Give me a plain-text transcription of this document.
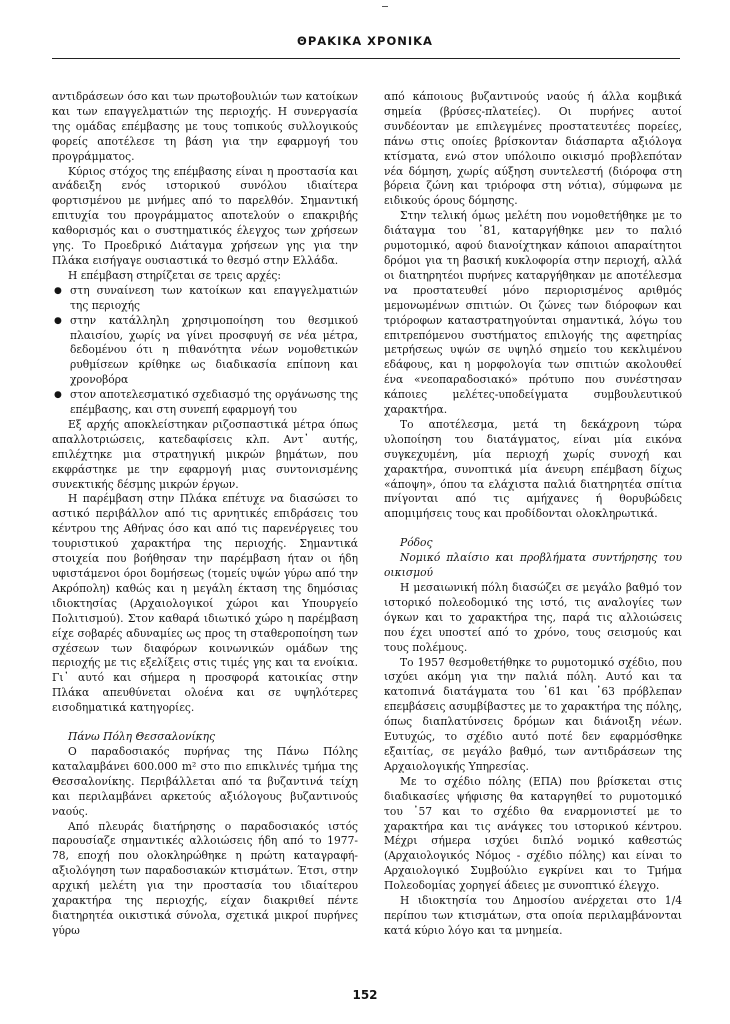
ΘΡΑΚΙΚΑ ΧΡΟΝΙΚΑ

αντιδράσεων όσο και των πρωτοβουλιών των κατοίκων και των επαγγελματιών της περιοχής. Η συνεργασία της ομάδας επέμβασης με τους τοπικούς συλλογικούς φορείς αποτέλεσε τη βάση για την εφαρμογή του προγράμματος.

Κύριος στόχος της επέμβασης είναι η προστασία και ανάδειξη ενός ιστορικού συνόλου ιδιαίτερα φορτισμένου με μνήμες από το παρελθόν. Σημαντική επιτυχία του προγράμματος αποτελούν ο επακριβής καθορισμός και ο συστηματικός έλεγχος των χρήσεων γης. Το Προεδρικό Διάταγμα χρήσεων γης για την Πλάκα εισήγαγε ουσιαστικά το θεσμό στην Ελλάδα.

Η επέμβαση στηρίζεται σε τρεις αρχές:

● στη συναίνεση των κατοίκων και επαγγελματιών της περιοχής
● στην κατάλληλη χρησιμοποίηση του θεσμικού πλαισίου, χωρίς να γίνει προσφυγή σε νέα μέτρα, δεδομένου ότι η πιθανότητα νέων νομοθετικών ρυθμίσεων κρίθηκε ως διαδικασία επίπονη και χρονοβόρα
● στον αποτελεσματικό σχεδιασμό της οργάνωσης της επέμβασης, και στη συνεπή εφαρμογή του

Εξ αρχής αποκλείστηκαν ριζοσπαστικά μέτρα όπως απαλλοτριώσεις, κατεδαφίσεις κλπ. Αντ᾽ αυτής, επιλέχτηκε μια στρατηγική μικρών βημάτων, που εκφράστηκε με την εφαρμογή μιας συντονισμένης συνεκτικής δέσμης μικρών έργων.

Η παρέμβαση στην Πλάκα επέτυχε να διασώσει το αστικό περιβάλλον από τις αρνητικές επιδράσεις του κέντρου της Αθήνας όσο και από τις παρενέργειες του τουριστικού χαρακτήρα της περιοχής. Σημαντικά στοιχεία που βοήθησαν την παρέμβαση ήταν οι ήδη υφιστάμενοι όροι δομήσεως (τομείς υψών γύρω από την Ακρόπολη) καθώς και η μεγάλη έκταση της δημόσιας ιδιοκτησίας (Αρχαιολογικοί χώροι και Υπουργείο Πολιτισμού). Στον καθαρά ιδιωτικό χώρο η παρέμβαση είχε σοβαρές αδυναμίες ως προς τη σταθεροποίηση των σχέσεων των διαφόρων κοινωνικών ομάδων της περιοχής με τις εξελίξεις στις τιμές γης και τα ενοίκια. Γι᾽ αυτό και σήμερα η προσφορά κατοικίας στην Πλάκα απευθύνεται ολοένα και σε υψηλότερες εισοδηματικά κατηγορίες.

Πάνω Πόλη Θεσσαλονίκης

Ο παραδοσιακός πυρήνας της Πάνω Πόλης καταλαμβάνει 600.000 m² στο πιο επικλινές τμήμα της Θεσσαλονίκης. Περιβάλλεται από τα βυζαντινά τείχη και περιλαμβάνει αρκετούς αξιόλογους βυζαντινούς ναούς.

Από πλευράς διατήρησης ο παραδοσιακός ιστός παρουσίαζε σημαντικές αλλοιώσεις ήδη από το 1977-78, εποχή που ολοκληρώθηκε η πρώτη καταγραφή-αξιολόγηση των παραδοσιακών κτισμάτων. Έτσι, στην αρχική μελέτη για την προστασία του ιδιαίτερου χαρακτήρα της περιοχής, είχαν διακριθεί πέντε διατηρητέα οικιστικά σύνολα, σχετικά μικροί πυρήνες γύρω

από κάποιους βυζαντινούς ναούς ή άλλα κομβικά σημεία (βρύσες-πλατείες). Οι πυρήνες αυτοί συνδέονταν με επιλεγμένες προστατευτέες πορείες, πάνω στις οποίες βρίσκονταν διάσπαρτα αξιόλογα κτίσματα, ενώ στον υπόλοιπο οικισμό προβλεπόταν νέα δόμηση, χωρίς αύξηση συντελεστή (διόροφα στη βόρεια ζώνη και τριόροφα στη νότια), σύμφωνα με ειδικούς όρους δόμησης.

Στην τελική όμως μελέτη που νομοθετήθηκε με το διάταγμα του ᾽81, καταργήθηκε μεν το παλιό ρυμοτομικό, αφού διανοίχτηκαν κάποιοι απαραίτητοι δρόμοι για τη βασική κυκλοφορία στην περιοχή, αλλά οι διατηρητέοι πυρήνες καταργήθηκαν με αποτέλεσμα να προστατευθεί μόνο περιορισμένος αριθμός μεμονωμένων σπιτιών. Οι ζώνες των διόροφων και τριόροφων καταστρατηγούνται σημαντικά, λόγω του επιτρεπόμενου συστήματος επιλογής της αφετηρίας μετρήσεως υψών σε υψηλό σημείο του κεκλιμένου εδάφους, και η μορφολογία των σπιτιών ακολουθεί ένα «νεοπαραδοσιακό» πρότυπο που συνέστησαν κάποιες μελέτες-υποδείγματα συμβουλευτικού χαρακτήρα.

Το αποτέλεσμα, μετά τη δεκάχρονη τώρα υλοποίηση του διατάγματος, είναι μία εικόνα συγκεχυμένη, μία περιοχή χωρίς συνοχή και χαρακτήρα, συνοπτικά μία άνευρη επέμβαση δίχως «άποψη», όπου τα ελάχιστα παλιά διατηρητέα σπίτια πνίγονται από τις αμήχανες ή θορυβώδεις απομιμήσεις τους και προδίδονται ολοκληρωτικά.

Ρόδος

Νομικό πλαίσιο και προβλήματα συντήρησης του οικισμού

Η μεσαιωνική πόλη διασώζει σε μεγάλο βαθμό τον ιστορικό πολεοδομικό της ιστό, τις αναλογίες των όγκων και το χαρακτήρα της, παρά τις αλλοιώσεις που έχει υποστεί από το χρόνο, τους σεισμούς και τους πολέμους.

Το 1957 θεσμοθετήθηκε το ρυμοτομικό σχέδιο, που ισχύει ακόμη για την παλιά πόλη. Αυτό και τα κατοπινά διατάγματα του ᾽61 και ᾽63 πρόβλεπαν επεμβάσεις ασυμβίβαστες με το χαρακτήρα της πόλης, όπως διαπλατύνσεις δρόμων και διάνοιξη νέων. Ευτυχώς, το σχέδιο αυτό ποτέ δεν εφαρμόσθηκε εξαιτίας, σε μεγάλο βαθμό, των αντιδράσεων της Αρχαιολογικής Υπηρεσίας.

Με το σχέδιο πόλης (ΕΠΑ) που βρίσκεται στις διαδικασίες ψήφισης θα καταργηθεί το ρυμοτομικό του ᾽57 και το σχέδιο θα εναρμονιστεί με το χαρακτήρα και τις ανάγκες του ιστορικού κέντρου. Μέχρι σήμερα ισχύει διπλό νομικό καθεστώς (Αρχαιολογικός Νόμος - σχέδιο πόλης) και είναι το Αρχαιολογικό Συμβούλιο εγκρίνει και το Τμήμα Πολεοδομίας χορηγεί άδειες με συνοπτικό έλεγχο.

Η ιδιοκτησία του Δημοσίου ανέρχεται στο 1/4 περίπου των κτισμάτων, στα οποία περιλαμβάνονται κατά κύριο λόγο και τα μνημεία.

152
